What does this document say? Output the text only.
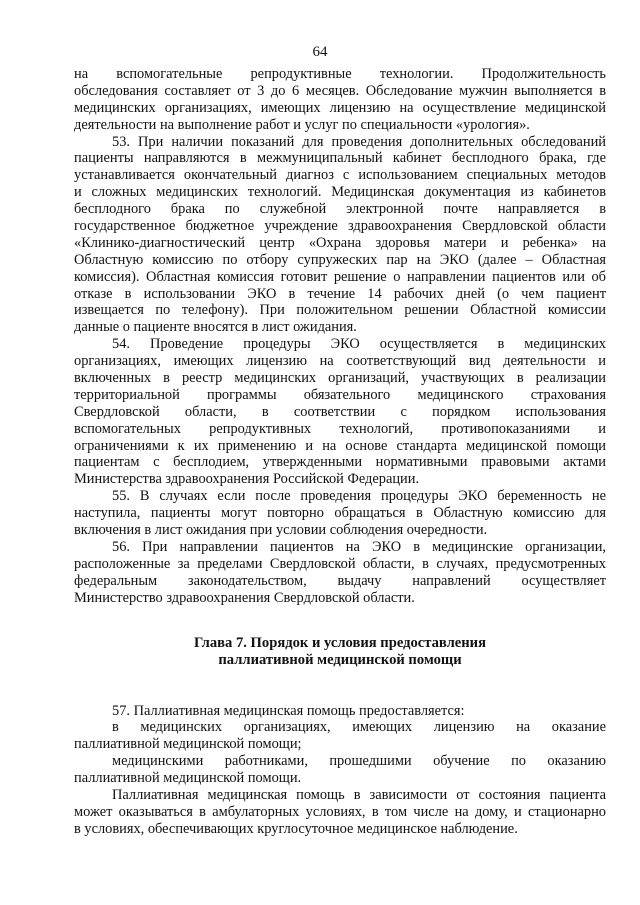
64
на вспомогательные репродуктивные технологии. Продолжительность
обследования составляет от 3 до 6 месяцев. Обследование мужчин выполняется в
медицинских организациях, имеющих лицензию на осуществление медицинской
деятельности на выполнение работ и услуг по специальности «урология».
53. При наличии показаний для проведения дополнительных обследований
пациенты направляются в межмуниципальный кабинет бесплодного брака, где
устанавливается окончательный диагноз с использованием специальных методов
и сложных медицинских технологий. Медицинская документация из кабинетов
бесплодного брака по служебной электронной почте направляется в
государственное бюджетное учреждение здравоохранения Свердловской области
«Клинико-диагностический центр «Охрана здоровья матери и ребенка» на
Областную комиссию по отбору супружеских пар на ЭКО (далее – Областная
комиссия). Областная комиссия готовит решение о направлении пациентов или об
отказе в использовании ЭКО в течение 14 рабочих дней (о чем пациент
извещается по телефону). При положительном решении Областной комиссии
данные о пациенте вносятся в лист ожидания.
54. Проведение процедуры ЭКО осуществляется в медицинских
организациях, имеющих лицензию на соответствующий вид деятельности и
включенных в реестр медицинских организаций, участвующих в реализации
территориальной программы обязательного медицинского страхования
Свердловской области, в соответствии с порядком использования
вспомогательных репродуктивных технологий, противопоказаниями и
ограничениями к их применению и на основе стандарта медицинской помощи
пациентам с бесплодием, утвержденными нормативными правовыми актами
Министерства здравоохранения Российской Федерации.
55. В случаях если после проведения процедуры ЭКО беременность не
наступила, пациенты могут повторно обращаться в Областную комиссию для
включения в лист ожидания при условии соблюдения очередности.
56. При направлении пациентов на ЭКО в медицинские организации,
расположенные за пределами Свердловской области, в случаях, предусмотренных
федеральным законодательством, выдачу направлений осуществляет
Министерство здравоохранения Свердловской области.
Глава 7. Порядок и условия предоставления
паллиативной медицинской помощи
57. Паллиативная медицинская помощь предоставляется:
в медицинских организациях, имеющих лицензию на оказание
паллиативной медицинской помощи;
медицинскими работниками, прошедшими обучение по оказанию
паллиативной медицинской помощи.
Паллиативная медицинская помощь в зависимости от состояния пациента
может оказываться в амбулаторных условиях, в том числе на дому, и стационарно
в условиях, обеспечивающих круглосуточное медицинское наблюдение.
